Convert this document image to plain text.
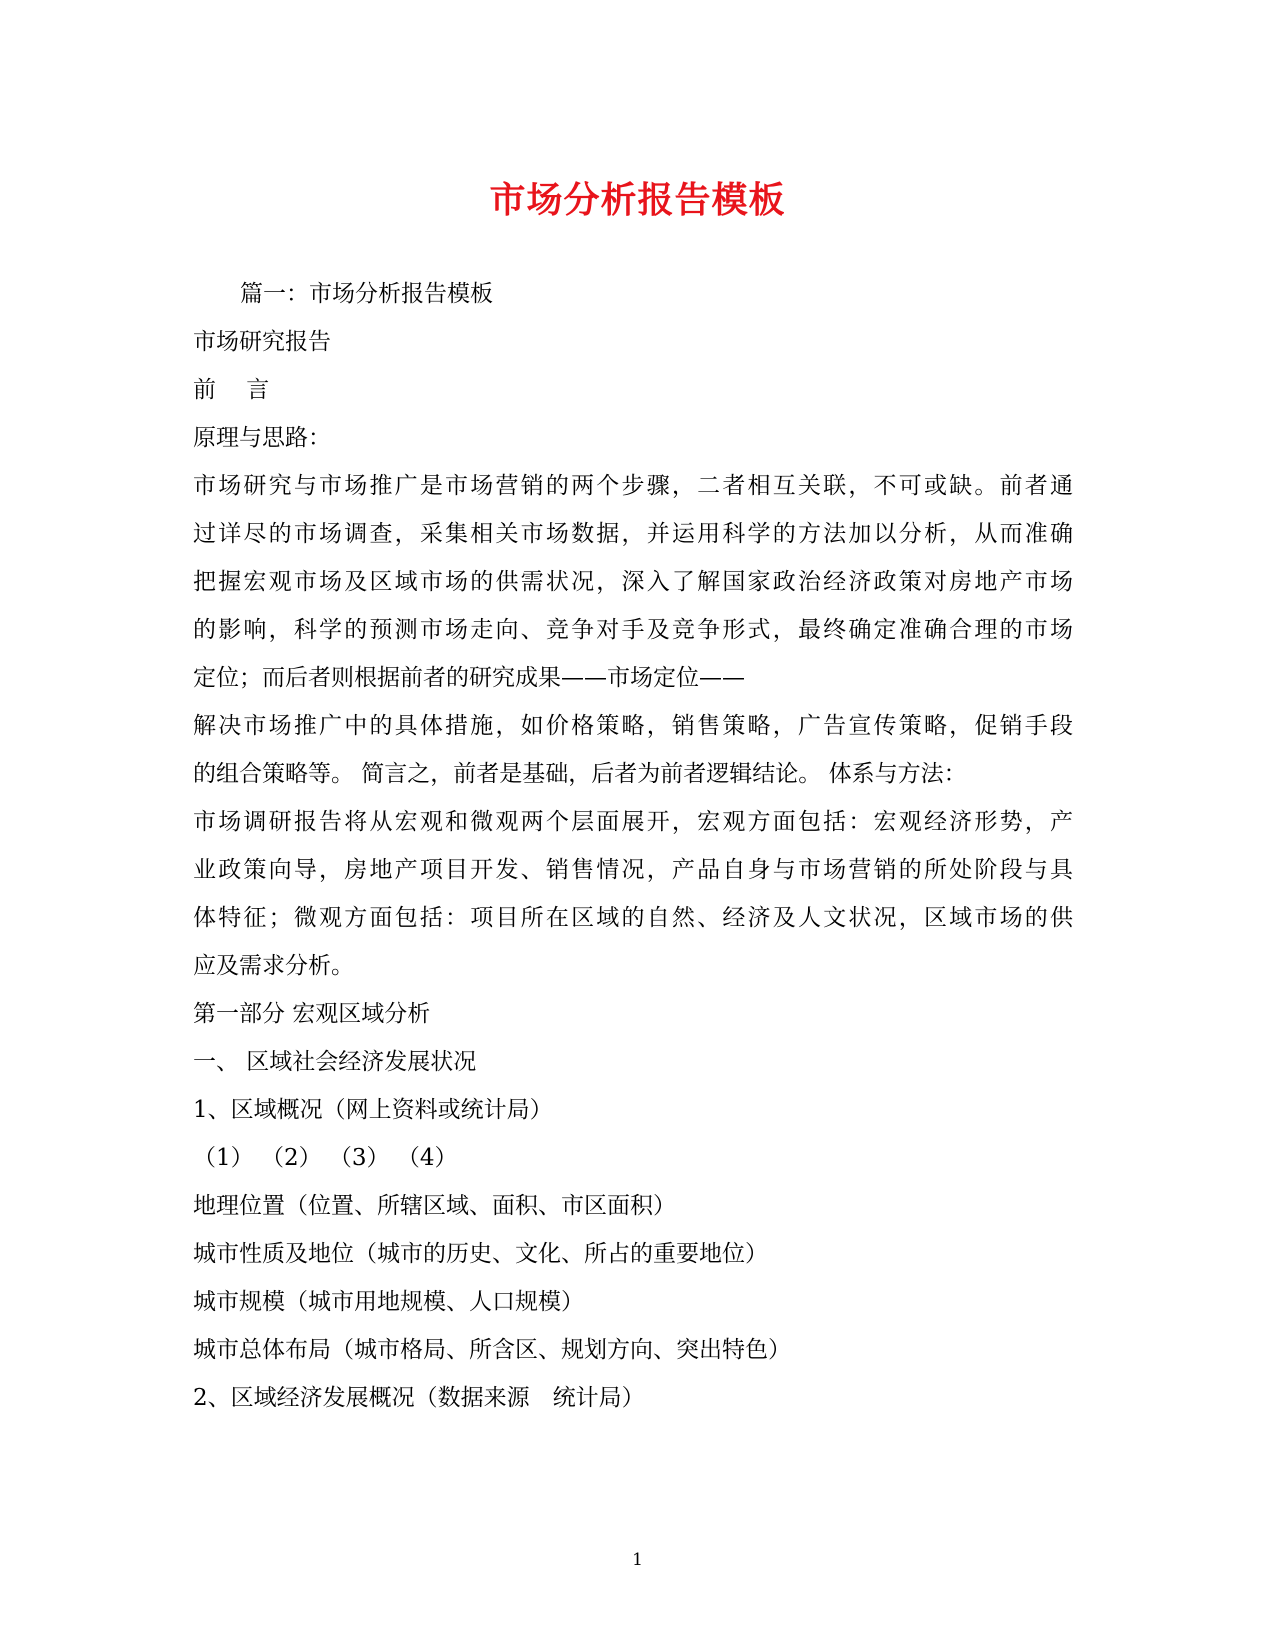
市场分析报告模板
篇一：市场分析报告模板
市场研究报告
前　 言
原理与思路：
市场研究与市场推广是市场营销的两个步骤，二者相互关联，不可或缺。前者通
过详尽的市场调查，采集相关市场数据，并运用科学的方法加以分析，从而准确
把握宏观市场及区域市场的供需状况，深入了解国家政治经济政策对房地产市场
的影响，科学的预测市场走向、竞争对手及竞争形式，最终确定准确合理的市场
定位；而后者则根据前者的研究成果——市场定位——
解决市场推广中的具体措施，如价格策略，销售策略，广告宣传策略，促销手段
的组合策略等。 简言之，前者是基础，后者为前者逻辑结论。 体系与方法：
市场调研报告将从宏观和微观两个层面展开，宏观方面包括：宏观经济形势，产
业政策向导，房地产项目开发、销售情况，产品自身与市场营销的所处阶段与具
体特征；微观方面包括：项目所在区域的自然、经济及人文状况，区域市场的供
应及需求分析。
第一部分 宏观区域分析
一、 区域社会经济发展状况
1、区域概况（网上资料或统计局）
（1） （2） （3） （4）
地理位置（位置、所辖区域、面积、市区面积）
城市性质及地位（城市的历史、文化、所占的重要地位）
城市规模（城市用地规模、人口规模）
城市总体布局（城市格局、所含区、规划方向、突出特色）
2、区域经济发展概况（数据来源　统计局）
1
